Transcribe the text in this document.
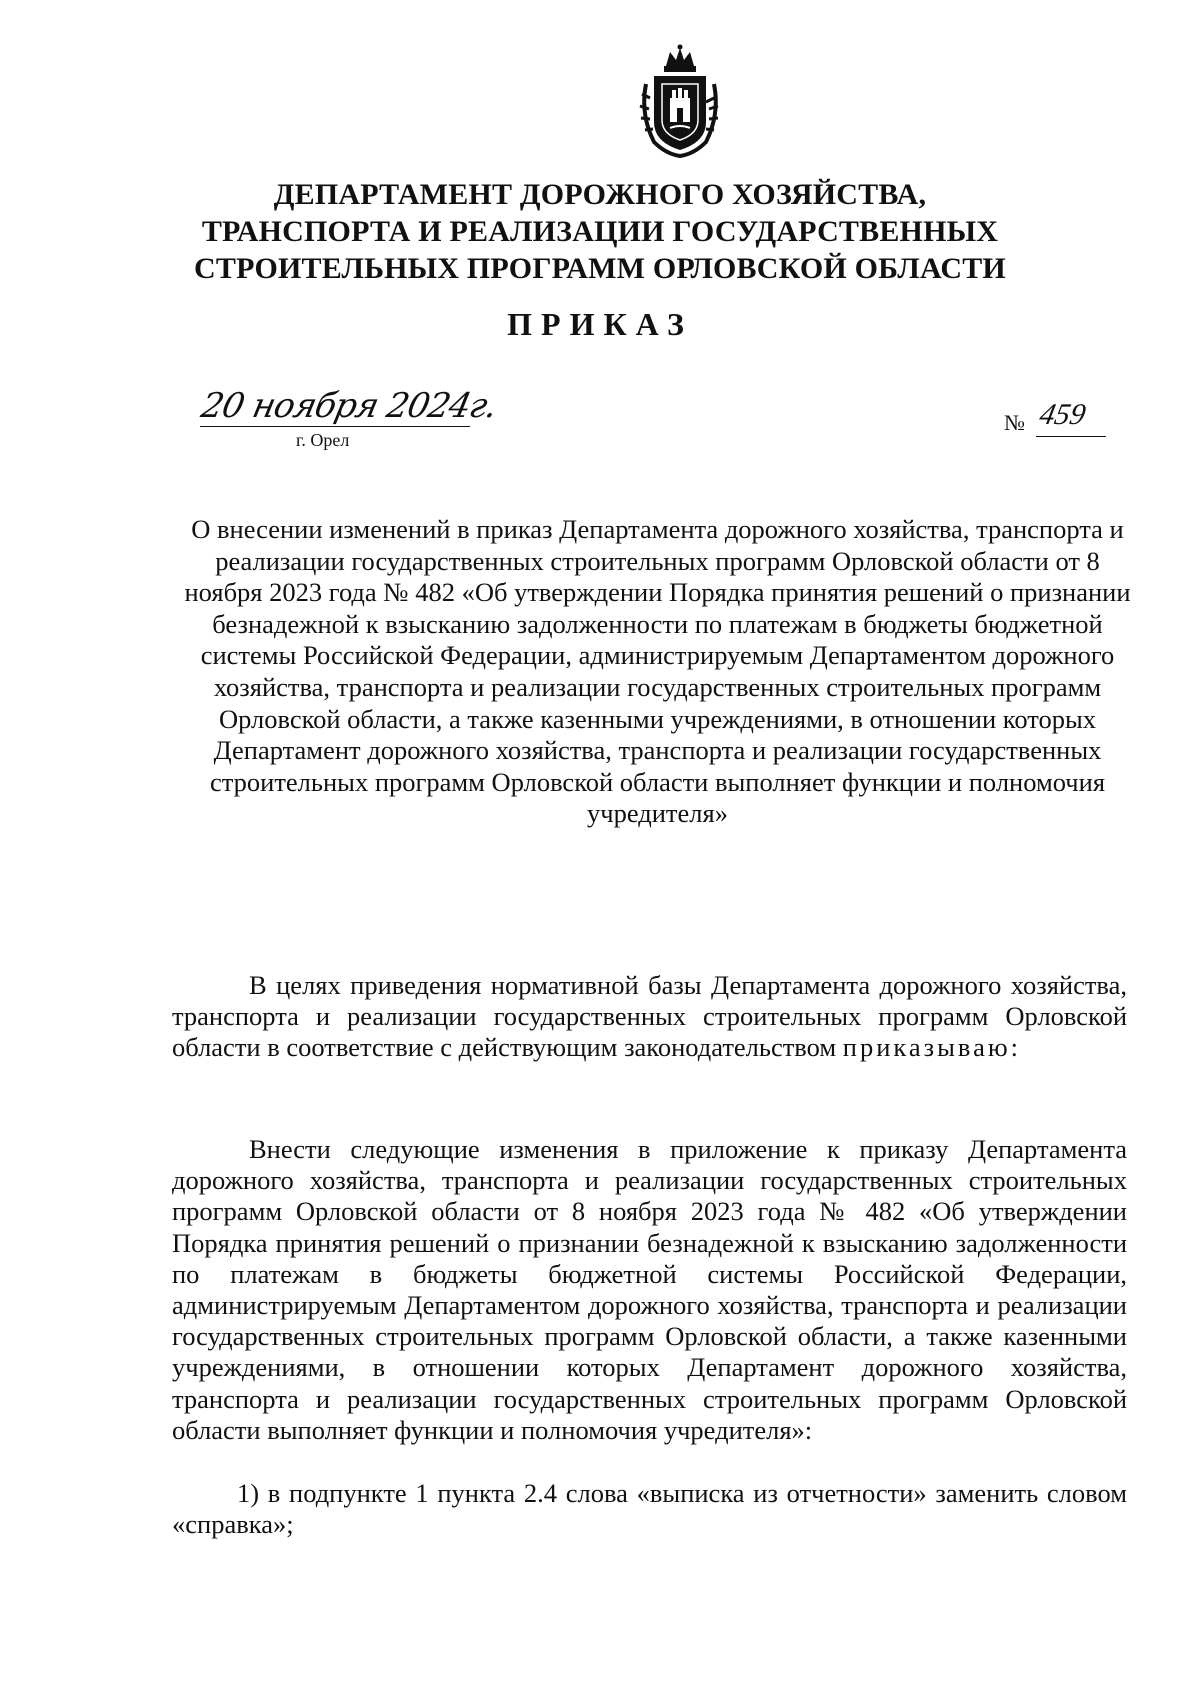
ДЕПАРТАМЕНТ ДОРОЖНОГО ХОЗЯЙСТВА,
ТРАНСПОРТА И РЕАЛИЗАЦИИ ГОСУДАРСТВЕННЫХ
СТРОИТЕЛЬНЫХ ПРОГРАММ ОРЛОВСКОЙ ОБЛАСТИ
ПРИКАЗ
20 ноября 2024г.
г. Орел
№ 459
О внесении изменений в приказ Департамента дорожного хозяйства, транспорта и реализации государственных строительных программ Орловской области от 8 ноября 2023 года № 482 «Об утверждении Порядка принятия решений о признании безнадежной к взысканию задолженности по платежам в бюджеты бюджетной системы Российской Федерации, администрируемым Департаментом дорожного хозяйства, транспорта и реализации государственных строительных программ Орловской области, а также казенными учреждениями, в отношении которых Департамент дорожного хозяйства, транспорта и реализации государственных строительных программ Орловской области выполняет функции и полномочия учредителя»
В целях приведения нормативной базы Департамента дорожного хозяйства, транспорта и реализации государственных строительных программ Орловской области в соответствие с действующим законодательством приказываю:
Внести следующие изменения в приложение к приказу Департамента дорожного хозяйства, транспорта и реализации государственных строительных программ Орловской области от 8 ноября 2023 года № 482 «Об утверждении Порядка принятия решений о признании безнадежной к взысканию задолженности по платежам в бюджеты бюджетной системы Российской Федерации, администрируемым Департаментом дорожного хозяйства, транспорта и реализации государственных строительных программ Орловской области, а также казенными учреждениями, в отношении которых Департамент дорожного хозяйства, транспорта и реализации государственных строительных программ Орловской области выполняет функции и полномочия учредителя»:
1) в подпункте 1 пункта 2.4 слова «выписка из отчетности» заменить словом «справка»;
